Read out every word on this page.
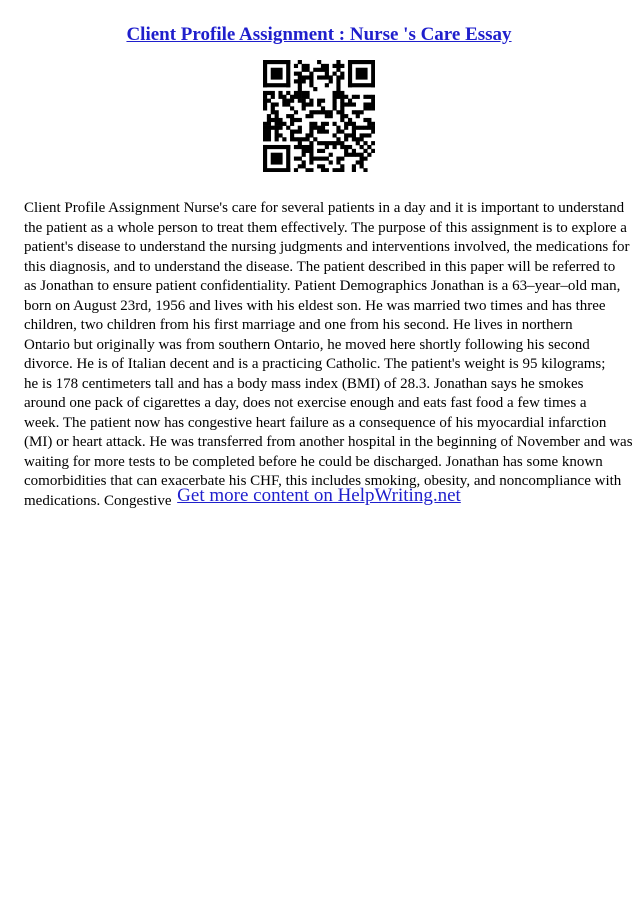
Client Profile Assignment : Nurse 's Care Essay

Client Profile Assignment Nurse's care for several patients in a day and it is important to understand
the patient as a whole person to treat them effectively. The purpose of this assignment is to explore a
patient's disease to understand the nursing judgments and interventions involved, the medications for
this diagnosis, and to understand the disease. The patient described in this paper will be referred to
as Jonathan to ensure patient confidentiality. Patient Demographics Jonathan is a 63–year–old man,
born on August 23rd, 1956 and lives with his eldest son. He was married two times and has three
children, two children from his first marriage and one from his second. He lives in northern
Ontario but originally was from southern Ontario, he moved here shortly following his second
divorce. He is of Italian decent and is a practicing Catholic. The patient's weight is 95 kilograms;
he is 178 centimeters tall and has a body mass index (BMI) of 28.3. Jonathan says he smokes
around one pack of cigarettes a day, does not exercise enough and eats fast food a few times a
week. The patient now has congestive heart failure as a consequence of his myocardial infarction
(MI) or heart attack. He was transferred from another hospital in the beginning of November and was
waiting for more tests to be completed before he could be discharged. Jonathan has some known
comorbidities that can exacerbate his CHF, this includes smoking, obesity, and noncompliance with
medications. Congestive Get more content on HelpWriting.net
